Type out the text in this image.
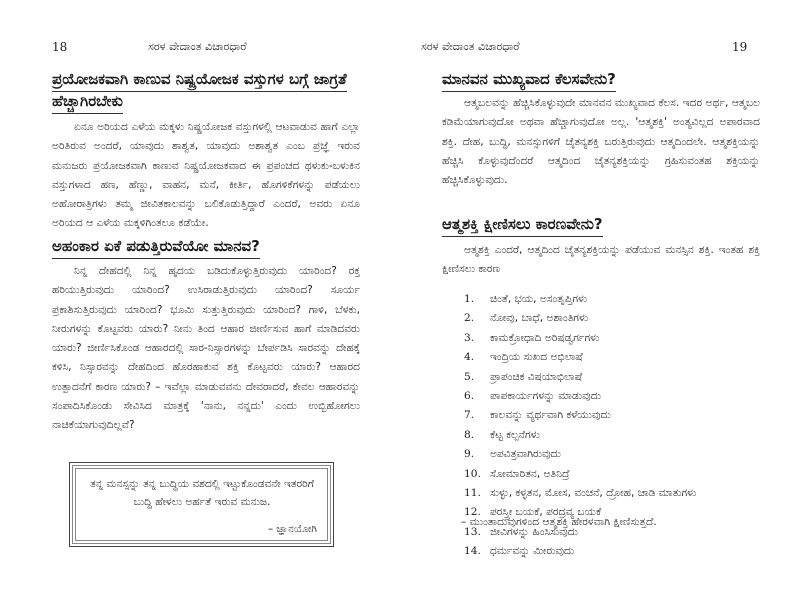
18	ಸರಳ ವೇದಾಂತ ವಿಚಾರಧಾರೆ
ಪ್ರಯೋಜಕವಾಗಿ ಕಾಣುವ ನಿಷ್ಪ್ರಯೋಜಕ ವಸ್ತುಗಳ ಬಗ್ಗೆ ಜಾಗ್ರತೆ
ಹೆಚ್ಚಾಗಿರಬೇಕು

ಏನೂ ಅರಿಯದ ಎಳೆಯ ಮಕ್ಕಳು ನಿಷ್ಪ್ರಯೋಜಕ ವಸ್ತುಗಳಲ್ಲಿ ಆಟವಾಡುವ ಹಾಗೆ ಎಲ್ಲಾ ಅರಿತಿರುವ ಅಂದರೆ, ಯಾವುದು ಶಾಶ್ವತ, ಯಾವುದು ಅಶಾಶ್ವತ ಎಂಬ ಪ್ರಜ್ಞೆ ಇರುವ ಮನುಜರು ಪ್ರಯೋಜಕವಾಗಿ ಕಾಣುವ ನಿಷ್ಪ್ರಯೋಜಕವಾದ ಈ ಪ್ರಪಂಚದ ಥಳುಕು-ಬಳುಕಿನ ವಸ್ತುಗಳಾದ ಹಣ, ಹೆಣ್ಣು, ವಾಹನ, ಮನೆ, ಕೀರ್ತಿ, ಹೊಗಳಿಕೆಗಳನ್ನು ಪಡೆಯಲು ಅಹೋರಾತ್ರಿಗಳು ತಮ್ಮ ಜೀವಿತಕಾಲವನ್ನು ಬಲಿಕೊಡುತ್ತಿದ್ದಾರೆ ಎಂದರೆ, ಅವರು ಏನೂ ಅರಿಯದ ಆ ಎಳೆಯ ಮಕ್ಕಳಿಗಿಂತಲೂ ಕಡೆಯೇ.

ಅಹಂಕಾರ ಏಕೆ ಪಡುತ್ತಿರುವೆಯೋ ಮಾನವ?

ನಿನ್ನ ದೇಹದಲ್ಲಿ ನಿನ್ನ ಹೃದಯ ಬಡಿದುಕೊಳ್ಳುತ್ತಿರುವುದು ಯಾರಿಂದ? ರಕ್ತ ಹರಿಯುತ್ತಿರುವುದು ಯಾರಿಂದ? ಉಸಿರಾಡುತ್ತಿರುವುದು ಯಾರಿಂದ? ಸೂರ್ಯ ಪ್ರಕಾಶಿಸುತ್ತಿರುವುದು ಯಾರಿಂದ? ಭೂಮಿ ಸುತ್ತುತ್ತಿರುವುದು ಯಾರಿಂದ? ಗಾಳಿ, ಬೆಳಕು, ನೀರುಗಳನ್ನು ಕೊಟ್ಟವರು ಯಾರು? ನೀನು ತಿಂದ ಆಹಾರ ಜೀರ್ಣಿಸುವ ಹಾಗೆ ಮಾಡಿದವರು ಯಾರು? ಜೀರ್ಣಿಸಿಕೊಂಡ ಆಹಾರದಲ್ಲಿ ಸಾರ-ನಿಸ್ಸಾರಗಳನ್ನು ಬೇರ್ಪಡಿಸಿ ಸಾರವನ್ನು ದೇಹಕ್ಕೆ ಕಳಿಸಿ, ನಿಸ್ಸಾರವನ್ನು ದೇಹದಿಂದ ಹೊರಹಾಕುವ ಶಕ್ತಿ ಕೊಟ್ಟವರು ಯಾರು? ಆಹಾರದ ಉತ್ಪಾದನೆಗೆ ಕಾರಣ ಯಾರು? – ಇವೆಲ್ಲಾ ಮಾಡುವವನು ದೇವರಾದರೆ, ಕೇವಲ ಆಹಾರವನ್ನು ಸಂಪಾದಿಸಿಕೊಂಡು ಸೇವಿಸಿದ ಮಾತ್ರಕ್ಕೆ 'ನಾನು, ನನ್ನದು' ಎಂದು ಉಬ್ಬಿಹೋಗಲು ನಾಚಿಕೆಯಾಗುವುದಿಲ್ಲವೆ?

ತನ್ನ ಮನಸ್ಸನ್ನು ತನ್ನ ಬುದ್ಧಿಯ ವಶದಲ್ಲಿ ಇಟ್ಟುಕೊಂಡವನೇ ಇತರರಿಗೆ ಬುದ್ಧಿ ಹೇಳಲು ಅರ್ಹತೆ ಇರುವ ಮನುಜ.

– ಜ್ಞಾನಯೋಗಿ
ಸರಳ ವೇದಾಂತ ವಿಚಾರಧಾರೆ	19
ಮಾನವನ ಮುಖ್ಯವಾದ ಕೆಲಸವೇನು?

ಆತ್ಮಬಲವನ್ನು ಹೆಚ್ಚಿಸಿಕೊಳ್ಳುವುದೇ ಮಾನವನ ಮುಖ್ಯವಾದ ಕೆಲಸ. ಇದರ ಅರ್ಥ, ಆತ್ಮಬಲ ಕಡಿಮೆಯಾಗುವುದೋ ಅಥವಾ ಹೆಚ್ಚಾಗುವುದೋ ಅಲ್ಲ. 'ಆತ್ಮಶಕ್ತಿ' ಅಂತ್ಯವಿಲ್ಲದ ಅಪಾರವಾದ ಶಕ್ತಿ. ದೇಹ, ಬುದ್ಧಿ, ಮನಸ್ಸುಗಳಿಗೆ ಚೈತನ್ಯಶಕ್ತಿ ಬರುತ್ತಿರುವುದು ಆತ್ಮದಿಂದಲೇ. ಆತ್ಮಶಕ್ತಿಯನ್ನು ಹೆಚ್ಚಿಸಿ ಕೊಳ್ಳುವುದೆಂದರೆ ಆತ್ಮದಿಂದ ಚೈತನ್ಯಶಕ್ತಿಯನ್ನು ಗ್ರಹಿಸುವಂತಹ ಶಕ್ತಿಯನ್ನು ಹೆಚ್ಚಿಸಿಕೊಳ್ಳುವುದು.

ಆತ್ಮಶಕ್ತಿ ಕ್ಷೀಣಿಸಲು ಕಾರಣವೇನು?

ಆತ್ಮಶಕ್ತಿ ಎಂದರೆ, ಆತ್ಮದಿಂದ ಚೈತನ್ಯಶಕ್ತಿಯನ್ನು ಪಡೆಯುವ ಮನಸ್ಸಿನ ಶಕ್ತಿ. ಇಂತಹ ಶಕ್ತಿ ಕ್ಷೀಣಿಸಲು ಕಾರಣ

1.	ಚಿಂತೆ, ಭಯ, ಅಸಂತೃಪ್ತಿಗಳು
2.	ನೋವು, ಬಾಧೆ, ಅಶಾಂತಿಗಳು
3.	ಕಾಮಕ್ರೋಧಾದಿ ಅರಿಷಡ್ವರ್ಗಗಳು
4.	ಇಂದ್ರಿಯ ಸುಖದ ಅಭಿಲಾಷೆ
5.	ಪ್ರಾಪಂಚಿಕ ವಿಷಯಾಭಿಲಾಷೆ
6.	ಪಾಪಕಾರ್ಯಗಳನ್ನು ಮಾಡುವುದು
7.	ಕಾಲವನ್ನು ವ್ಯರ್ಥವಾಗಿ ಕಳೆಯುವುದು
8.	ಕೆಟ್ಟ ಕಲ್ಪನೆಗಳು
9.	ಅಪವಿತ್ರವಾಗಿರುವುದು
10. ಸೋಮಾರಿತನ, ಅತಿನಿದ್ರೆ
11. ಸುಳ್ಳು, ಕಳ್ಳತನ, ಮೋಸ, ವಂಚನೆ, ದ್ರೋಹ, ಚಾಡಿ ಮಾತುಗಳು
12. ಪರಸ್ತ್ರೀ ಬಯಕೆ, ಪರದ್ರವ್ಯ ಬಯಕೆ
13. ಜೀವಿಗಳನ್ನು ಹಿಂಸಿಸುವುದು
14. ಧರ್ಮವನ್ನು ಮೀರುವುದು
– ಮುಂತಾದುವುಗಳಿಂದ ಆತ್ಮಶಕ್ತಿ ಹೇರಳವಾಗಿ ಕ್ಷೀಣಿಸುತ್ತದೆ.
